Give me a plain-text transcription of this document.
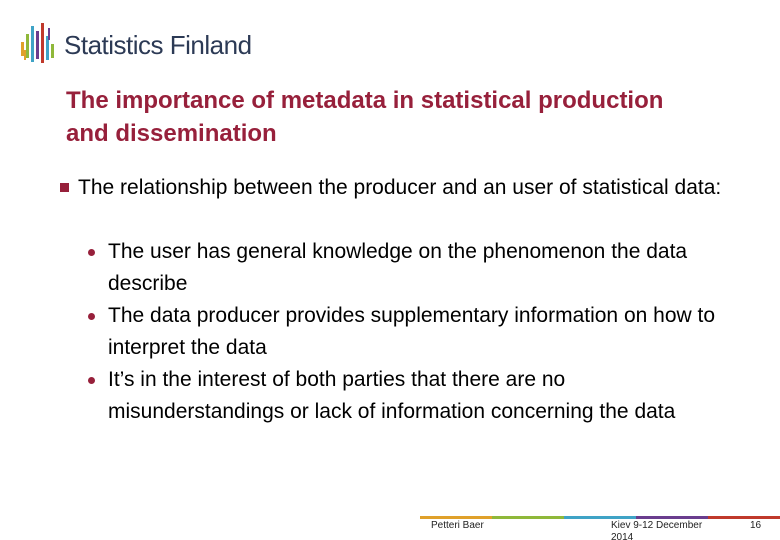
Statistics Finland
The importance of metadata in statistical production and dissemination
The relationship between the producer and an user of statistical data:
The user has general knowledge on the phenomenon the data describe
The data producer provides supplementary information on how to interpret the data
It’s in the interest of both parties that there are no misunderstandings or lack of information concerning the data
Petteri Baer	Kiev 9-12 December 2014
16
